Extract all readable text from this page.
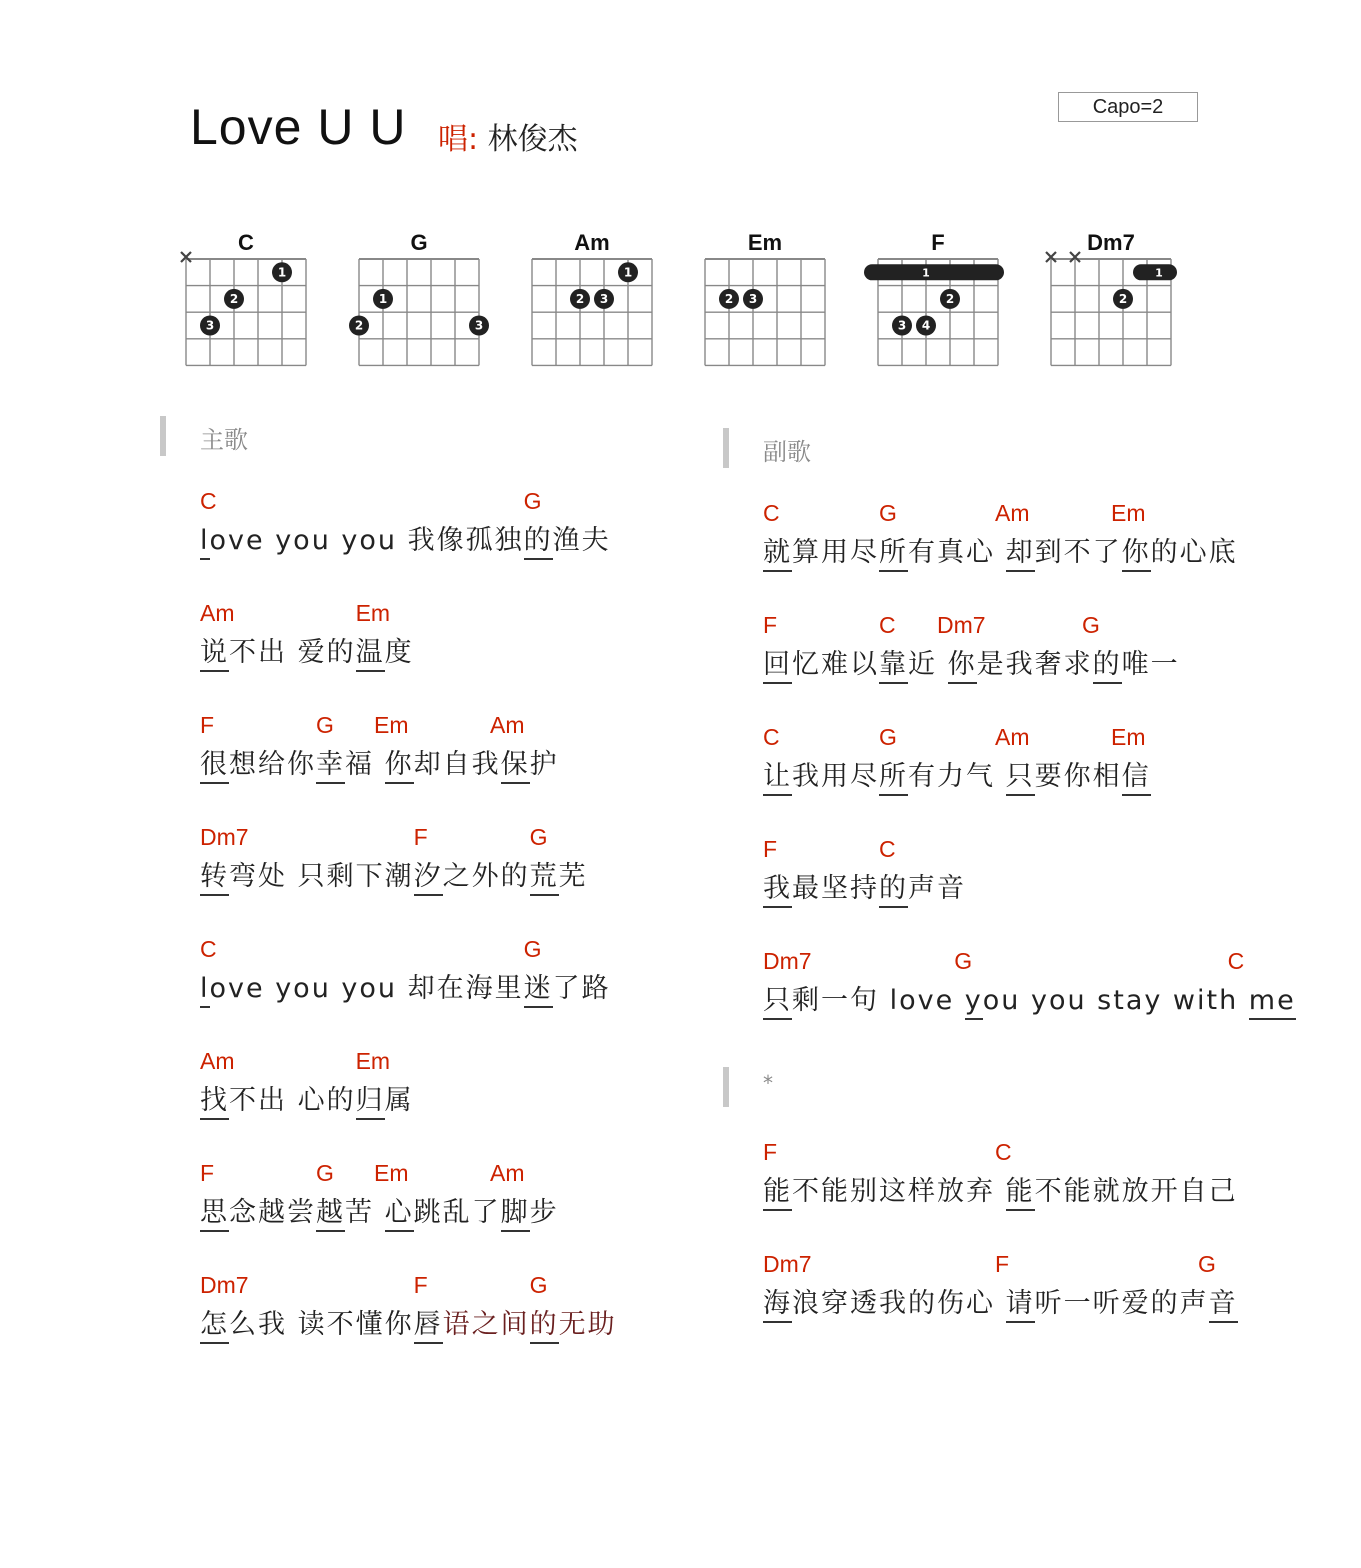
Love U U 唱: 林俊杰
Capo=2
C
1
2
3
G
1
2	3
Am
1
2 3
Em
2 3
F
1
2
3 4
Dm7
1
2
主歌	副歌
*
C	G
love you you 我像孤独的渔夫
Am	Em
说不出 爱的温度
F	G Em	Am
很想给你幸福 你却自我保护
Dm7	F	G
转弯处 只剩下潮汐之外的荒芜
C	G
love you you 却在海里迷了路
Am	Em
找不出 心的归属
F	G Em	Am
思念越尝越苦 心跳乱了脚步
Dm7	F	G
怎么我 读不懂你唇语之间的无助
C	G	Am	Em
就算用尽所有真心 却到不了你的心底
F	C Dm7	G
回忆难以靠近 你是我奢求的唯一
C	G	Am	Em
让我用尽所有力气 只要你相信
F	C
我最坚持的声音
Dm7	G	C
只剩一句 love you you stay with me
F	C
能不能别这样放弃 能不能就放开自己
Dm7	F	G
海浪穿透我的伤心 请听一听爱的声音
